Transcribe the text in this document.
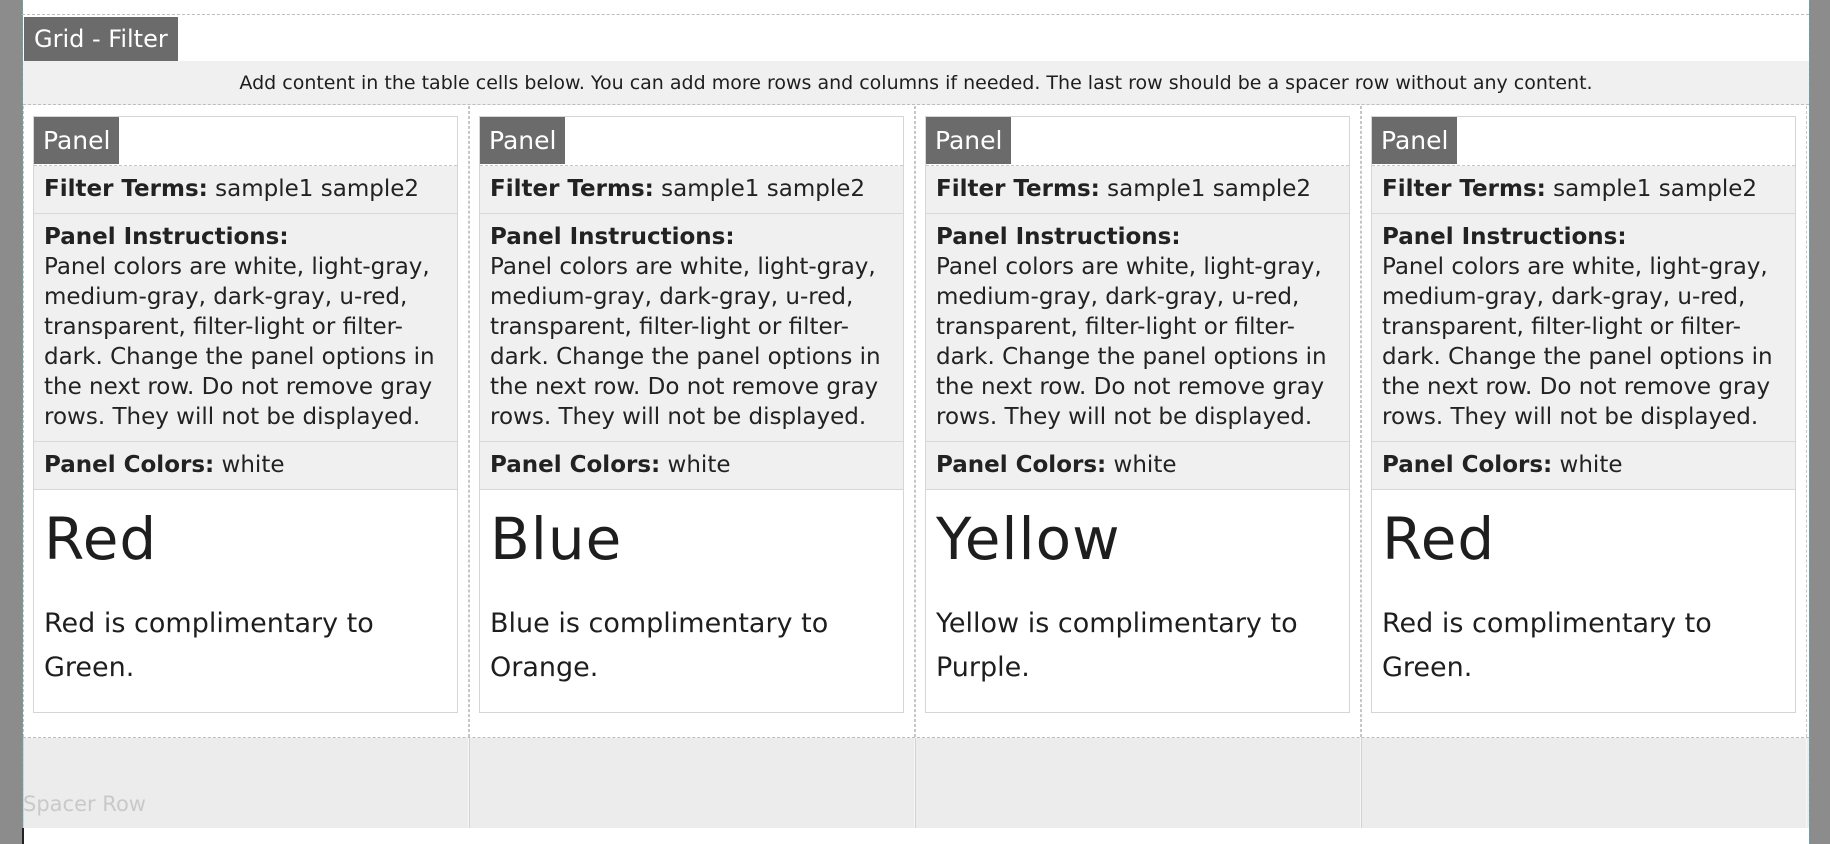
Grid - Filter
Add content in the table cells below. You can add more rows and columns if needed. The last row should be a spacer row without any content.
Panel
Filter Terms: sample1 sample2
Panel Instructions:
Panel colors are white, light-gray, medium-gray, dark-gray, u-red, transparent, filter-light or filter-dark. Change the panel options in the next row. Do not remove gray rows. They will not be displayed.
Panel Colors: white
Red
Red is complimentary to Green.
Panel
Filter Terms: sample1 sample2
Panel Instructions:
Panel colors are white, light-gray, medium-gray, dark-gray, u-red, transparent, filter-light or filter-dark. Change the panel options in the next row. Do not remove gray rows. They will not be displayed.
Panel Colors: white
Blue
Blue is complimentary to Orange.
Panel
Filter Terms: sample1 sample2
Panel Instructions:
Panel colors are white, light-gray, medium-gray, dark-gray, u-red, transparent, filter-light or filter-dark. Change the panel options in the next row. Do not remove gray rows. They will not be displayed.
Panel Colors: white
Yellow
Yellow is complimentary to Purple.
Panel
Filter Terms: sample1 sample2
Panel Instructions:
Panel colors are white, light-gray, medium-gray, dark-gray, u-red, transparent, filter-light or filter-dark. Change the panel options in the next row. Do not remove gray rows. They will not be displayed.
Panel Colors: white
Red
Red is complimentary to Green.
Spacer Row
